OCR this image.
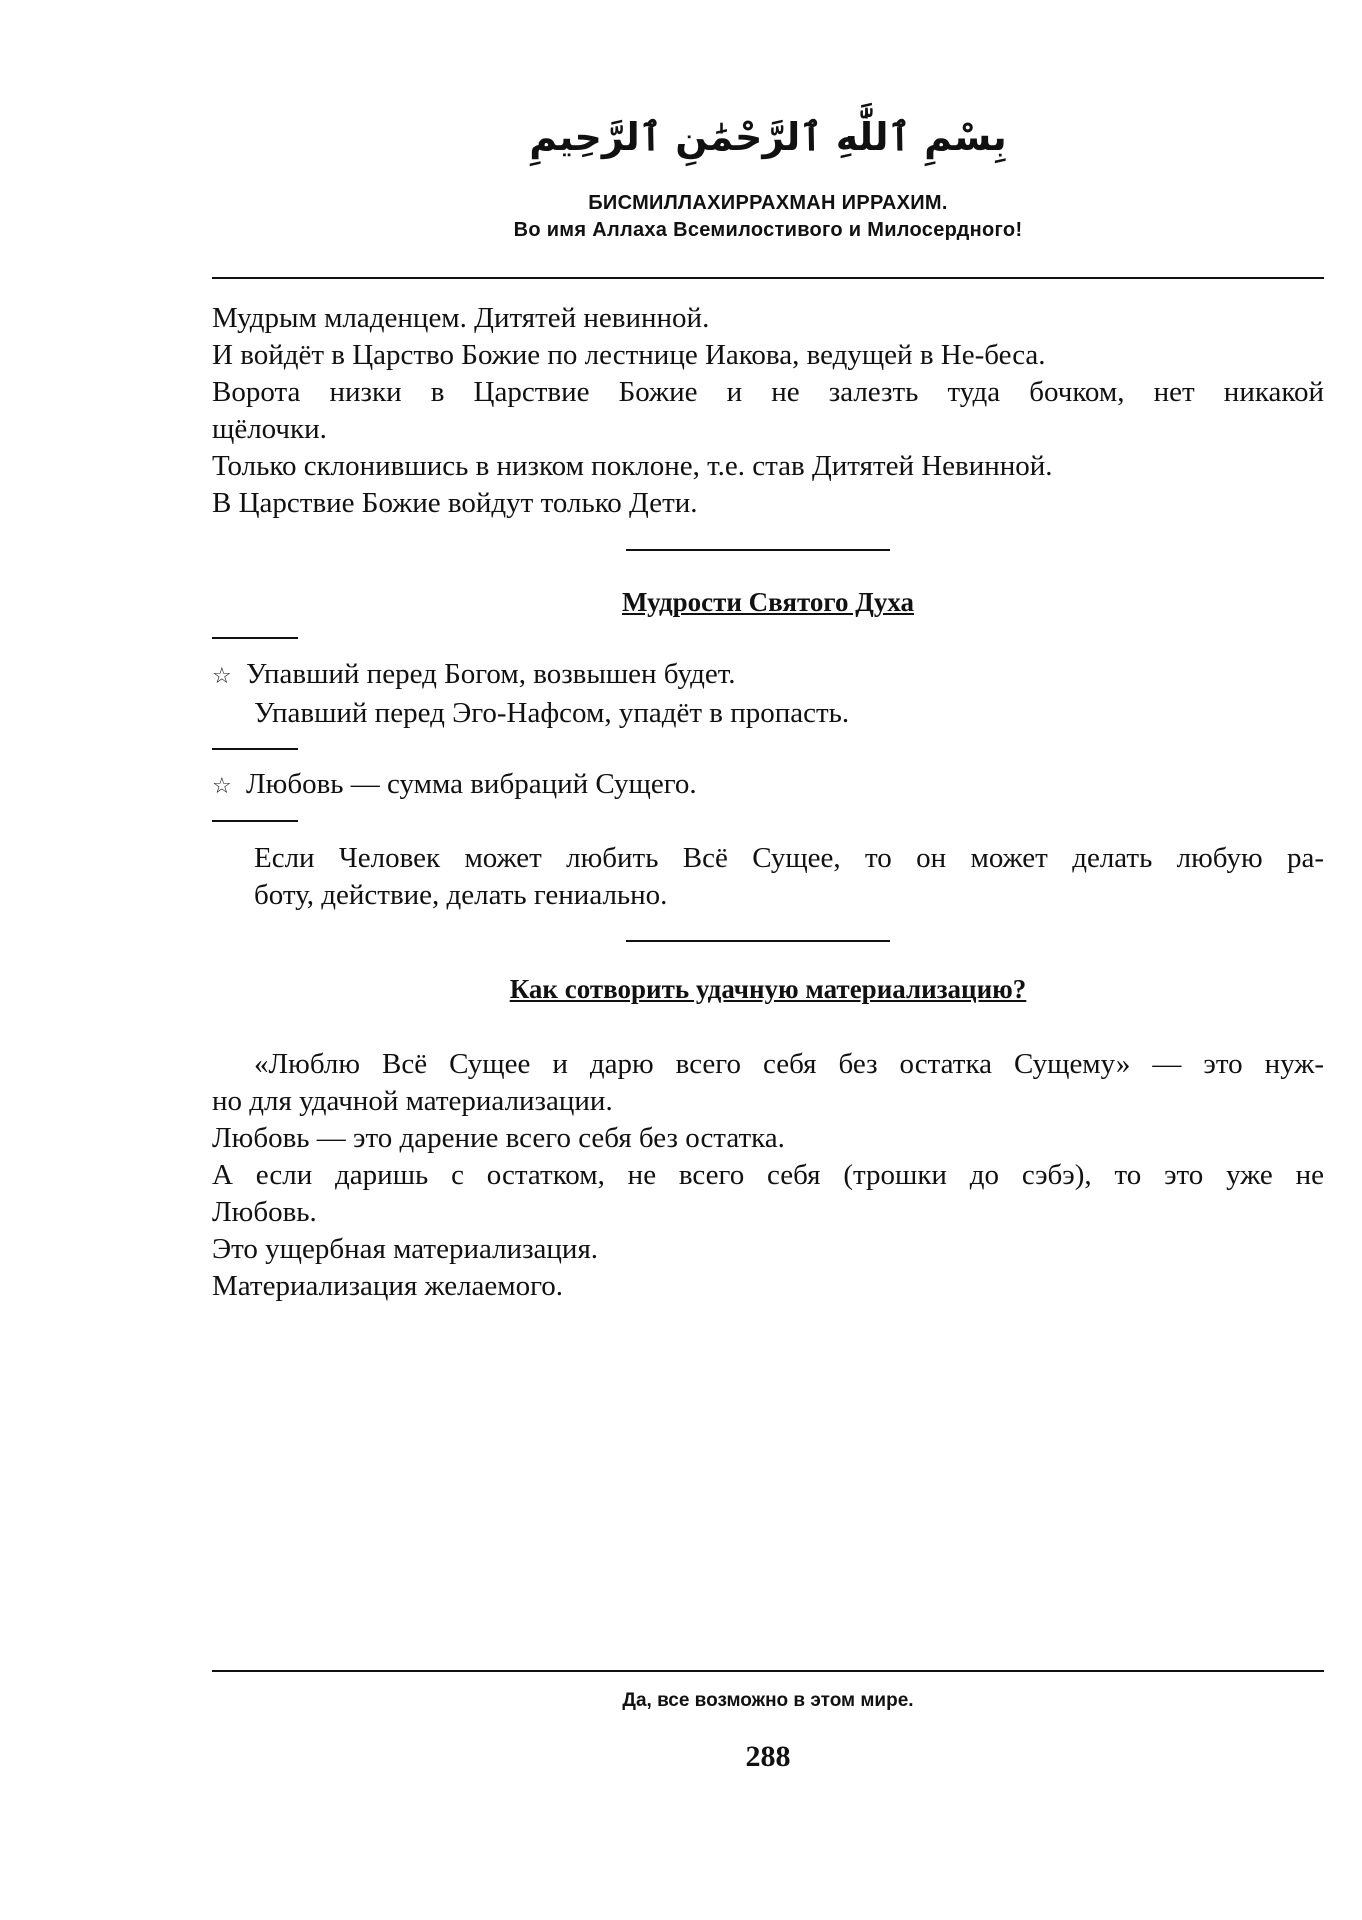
بِسْمِ ٱللَّٰهِ ٱلرَّحْمَٰنِ ٱلرَّحِيمِ
БИСМИЛЛАХИРРАХМАН ИРРАХИМ.
Во имя Аллаха Всемилостивого и Милосердного!

Мудрым младенцем. Дитятей невинной.

И войдёт в Царство Божие по лестнице Иакова, ведущей в Не-беса.

Ворота низки в Царствие Божие и не залезть туда бочком, нет никакой

щёлочки.

Только склонившись в низком поклоне, т.е. став Дитятей Невинной.

В Царствие Божие войдут только Дети.

Мудрости Святого Духа
☆ Упавший перед Богом, возвышен будет.
Упавший перед Эго-Нафсом, упадёт в пропасть.
☆ Любовь — сумма вибраций Сущего.

Если Человек может любить Всё Сущее, то он может делать любую ра-

боту, действие, делать гениально.

Как сотворить удачную материализацию?

«Люблю Всё Сущее и дарю всего себя без остатка Сущему» — это нуж-

но для удачной материализации.

Любовь — это дарение всего себя без остатка.

А если даришь с остатком, не всего себя (трошки до сэбэ), то это уже не

Любовь.

Это ущербная материализация.

Материализация желаемого.

Да, все возможно в этом мире.
288
